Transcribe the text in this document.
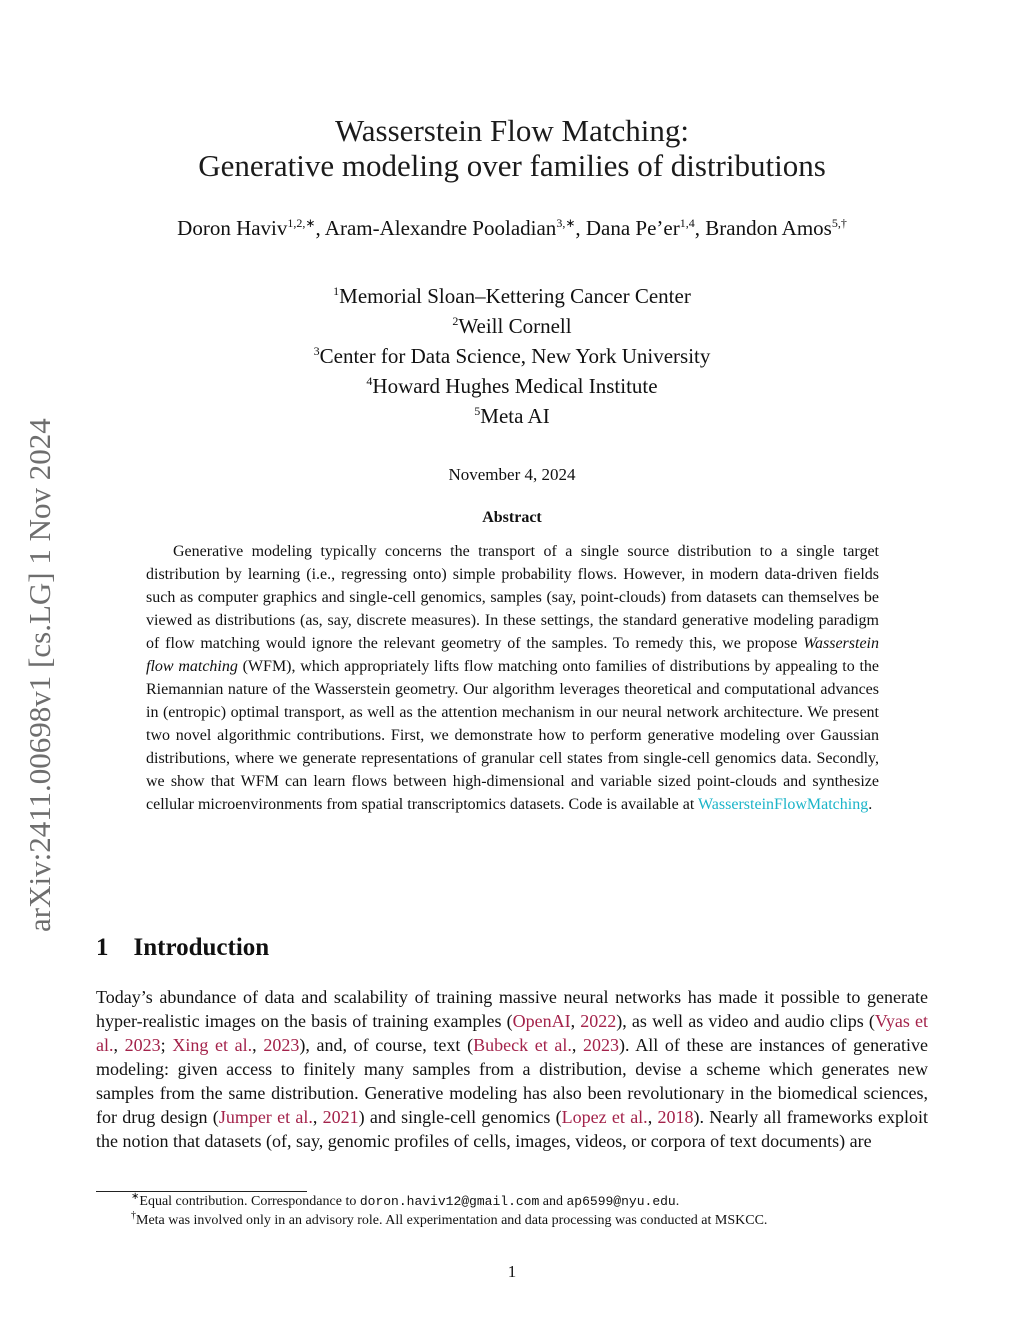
arXiv:2411.00698v1 [cs.LG] 1 Nov 2024
Wasserstein Flow Matching:
Generative modeling over families of distributions
Doron Haviv$^{1,2,∗}$, Aram-Alexandre Pooladian$^{3,∗}$, Dana Pe’er$^{1,4}$, Brandon Amos$^{5,\dagger}$
$^1$Memorial Sloan–Kettering Cancer Center
$^2$Weill Cornell
$^3$Center for Data Science, New York University
$^4$Howard Hughes Medical Institute
$^5$Meta AI
November 4, 2024
Abstract

Generative modeling typically concerns the transport of a single source distribution to a single target distribution by learning (i.e., regressing onto) simple probability flows. However, in modern data-driven fields such as computer graphics and single-cell genomics, samples (say, point-clouds) from datasets can themselves be viewed as distributions (as, say, discrete measures). In these settings, the standard generative modeling paradigm of flow matching would ignore the relevant geometry of the samples. To remedy this, we propose Wasserstein flow matching (WFM), which appropriately lifts flow matching onto families of distributions by appealing to the Riemannian nature of the Wasserstein geometry. Our algorithm leverages theoretical and computational advances in (entropic) optimal transport, as well as the attention mechanism in our neural network architecture. We present two novel algorithmic contributions. First, we demonstrate how to perform generative modeling over Gaussian distributions, where we generate representations of granular cell states from single-cell genomics data. Secondly, we show that WFM can learn flows between high-dimensional and variable sized point-clouds and synthesize cellular microenvironments from spatial transcriptomics datasets. Code is available at WassersteinFlowMatching.

1 Introduction

Today’s abundance of data and scalability of training massive neural networks has made it possible to generate hyper-realistic images on the basis of training examples (OpenAI, 2022), as well as video and audio clips (Vyas et al., 2023; Xing et al., 2023), and, of course, text (Bubeck et al., 2023). All of these are instances of generative modeling: given access to finitely many samples from a distribution, devise a scheme which generates new samples from the same distribution. Generative modeling has also been revolutionary in the biomedical sciences, for drug design (Jumper et al., 2021) and single-cell genomics (Lopez et al., 2018). Nearly all frameworks exploit the notion that datasets (of, say, genomic profiles of cells, images, videos, or corpora of text documents) are

∗Equal contribution. Correspondance to doron.haviv12@gmail.com and ap6599@nyu.edu.
†Meta was involved only in an advisory role. All experimentation and data processing was conducted at MSKCC.
1
